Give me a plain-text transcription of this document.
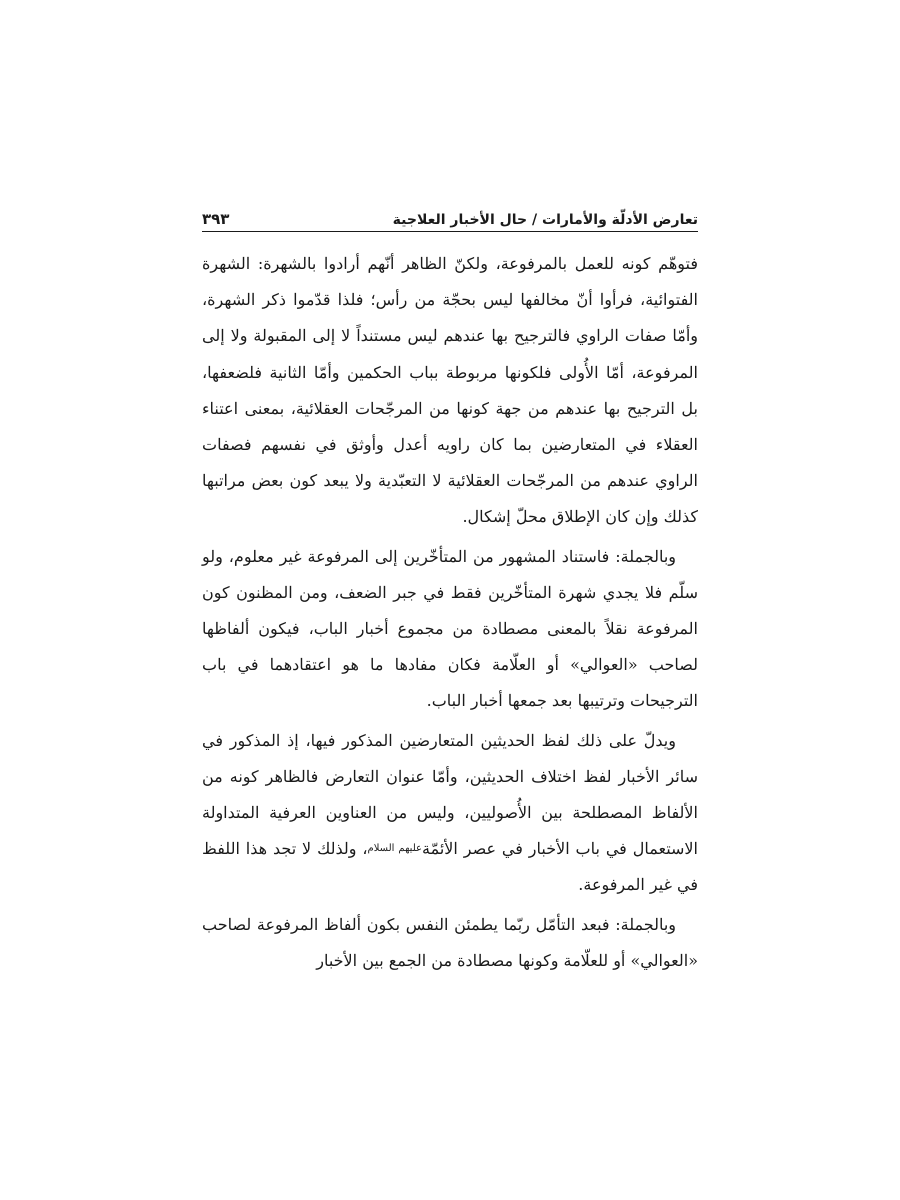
تعارض الأدلّة والأمارات / حال الأخبار العلاجية
٣٩٣

فتوهّم كونه للعمل بالمرفوعة، ولكنّ الظاهر أنّهم أرادوا بالشهرة: الشهرة الفتوائية، فرأوا أنّ مخالفها ليس بحجّة من رأس؛ فلذا قدّموا ذكر الشهرة، وأمّا صفات الراوي فالترجيح بها عندهم ليس مستنداً لا إلى المقبولة ولا إلى المرفوعة، أمّا الأُولى فلكونها مربوطة بباب الحكمين وأمّا الثانية فلضعفها، بل الترجيح بها عندهم من جهة كونها من المرجّحات العقلائية، بمعنى اعتناء العقلاء في المتعارضين بما كان راويه أعدل وأوثق في نفسهم فصفات الراوي عندهم من المرجّحات العقلائية لا التعبّدية ولا يبعد كون بعض مراتبها كذلك وإن كان الإطلاق محلّ إشكال.

وبالجملة: فاستناد المشهور من المتأخّرين إلى المرفوعة غير معلوم، ولو سلّم فلا يجدي شهرة المتأخّرين فقط في جبر الضعف، ومن المظنون كون المرفوعة نقلاً بالمعنى مصطادة من مجموع أخبار الباب، فيكون ألفاظها لصاحب «العوالي» أو العلّامة فكان مفادها ما هو اعتقادهما في باب الترجيحات وترتيبها بعد جمعها أخبار الباب.

ويدلّ على ذلك لفظ الحديثين المتعارضين المذكور فيها، إذ المذكور في سائر الأخبار لفظ اختلاف الحديثين، وأمّا عنوان التعارض فالظاهر كونه من الألفاظ المصطلحة بين الأُصوليين، وليس من العناوين العرفية المتداولة الاستعمال في باب الأخبار في عصر الأئمّةعليهم السلام، ولذلك لا تجد هذا اللفظ في غير المرفوعة.

وبالجملة: فبعد التأمّل ربّما يطمئن النفس بكون ألفاظ المرفوعة لصاحب «العوالي» أو للعلّامة وكونها مصطادة من الجمع بين الأخبار
